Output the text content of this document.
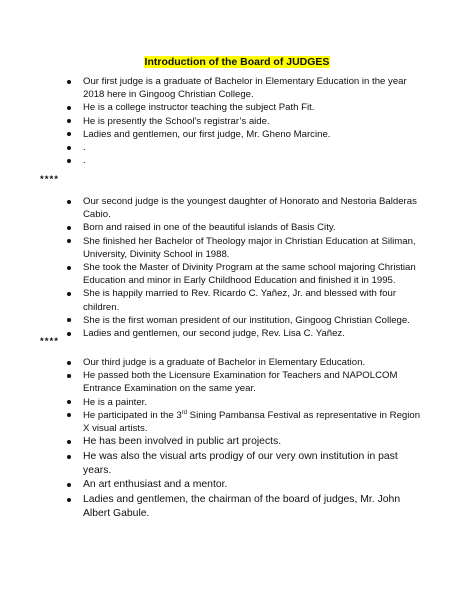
Introduction of the Board of JUDGES
Our first judge is a graduate of Bachelor in Elementary Education in the year 2018 here in Gingoog Christian College.
He is a college instructor teaching the subject Path Fit.
He is presently the School’s registrar’s aide.
Ladies and gentlemen, our first judge, Mr. Gheno Marcine.
.
.
****
Our second judge is the youngest daughter of Honorato and Nestoria Balderas Cabio.
Born and raised in one of the beautiful islands of Basis City.
She finished her Bachelor of Theology major in Christian Education at Siliman, University, Divinity School in 1988.
She took the Master of Divinity Program at the same school majoring Christian Education and minor in Early Childhood Education and finished it in 1995.
She is happily married to Rev. Ricardo C. Yañez, Jr. and blessed with four children.
She is the first woman president of our institution, Gingoog Christian College.
Ladies and gentlemen, our second judge, Rev. Lisa C. Yañez.
****
Our third judge is a graduate of Bachelor in Elementary Education.
He passed both the Licensure Examination for Teachers and NAPOLCOM Entrance Examination on the same year.
He is a painter.
He participated in the 3rd Sining Pambansa Festival as representative in Region X visual artists.
He has been involved in public art projects.
He was also the visual arts prodigy of our very own institution in past years.
An art enthusiast and a mentor.
Ladies and gentlemen, the chairman of the board of judges, Mr. John Albert Gabule.
